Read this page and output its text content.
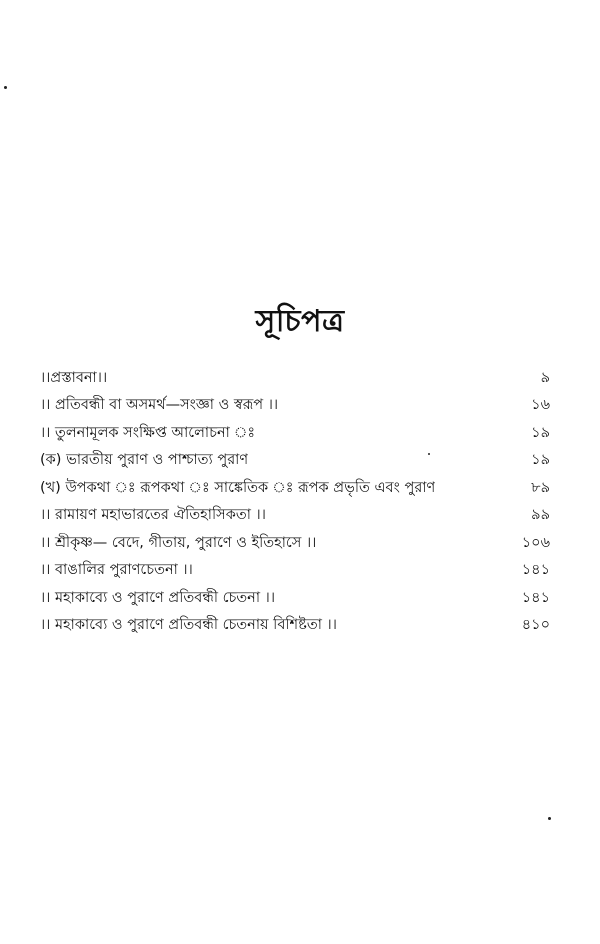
সূচিপত্র
।।প্রস্তাবনা।।	৯
।। প্রতিবন্ধী বা অসমর্থ—সংজ্ঞা ও স্বরূপ ।।	১৬
।। তুলনামূলক সংক্ষিপ্ত আলোচনা ঃ	১৯
(ক) ভারতীয় পুরাণ ও পাশ্চাত্য পুরাণ	১৯
(খ) উপকথা ঃ রূপকথা ঃ সাঙ্কেতিক ঃ রূপক প্রভৃতি এবং পুরাণ	৮৯
।। রামায়ণ মহাভারতের ঐতিহাসিকতা ।।	৯৯
।। শ্রীকৃষ্ণ— বেদে, গীতায়, পুরাণে ও ইতিহাসে ।।	১০৬
।। বাঙালির পুরাণচেতনা ।।	১৪১
।। মহাকাব্যে ও পুরাণে প্রতিবন্ধী চেতনা ।।	১৪১
।। মহাকাব্যে ও পুরাণে প্রতিবন্ধী চেতনায় বিশিষ্টতা ।।	৪১০
